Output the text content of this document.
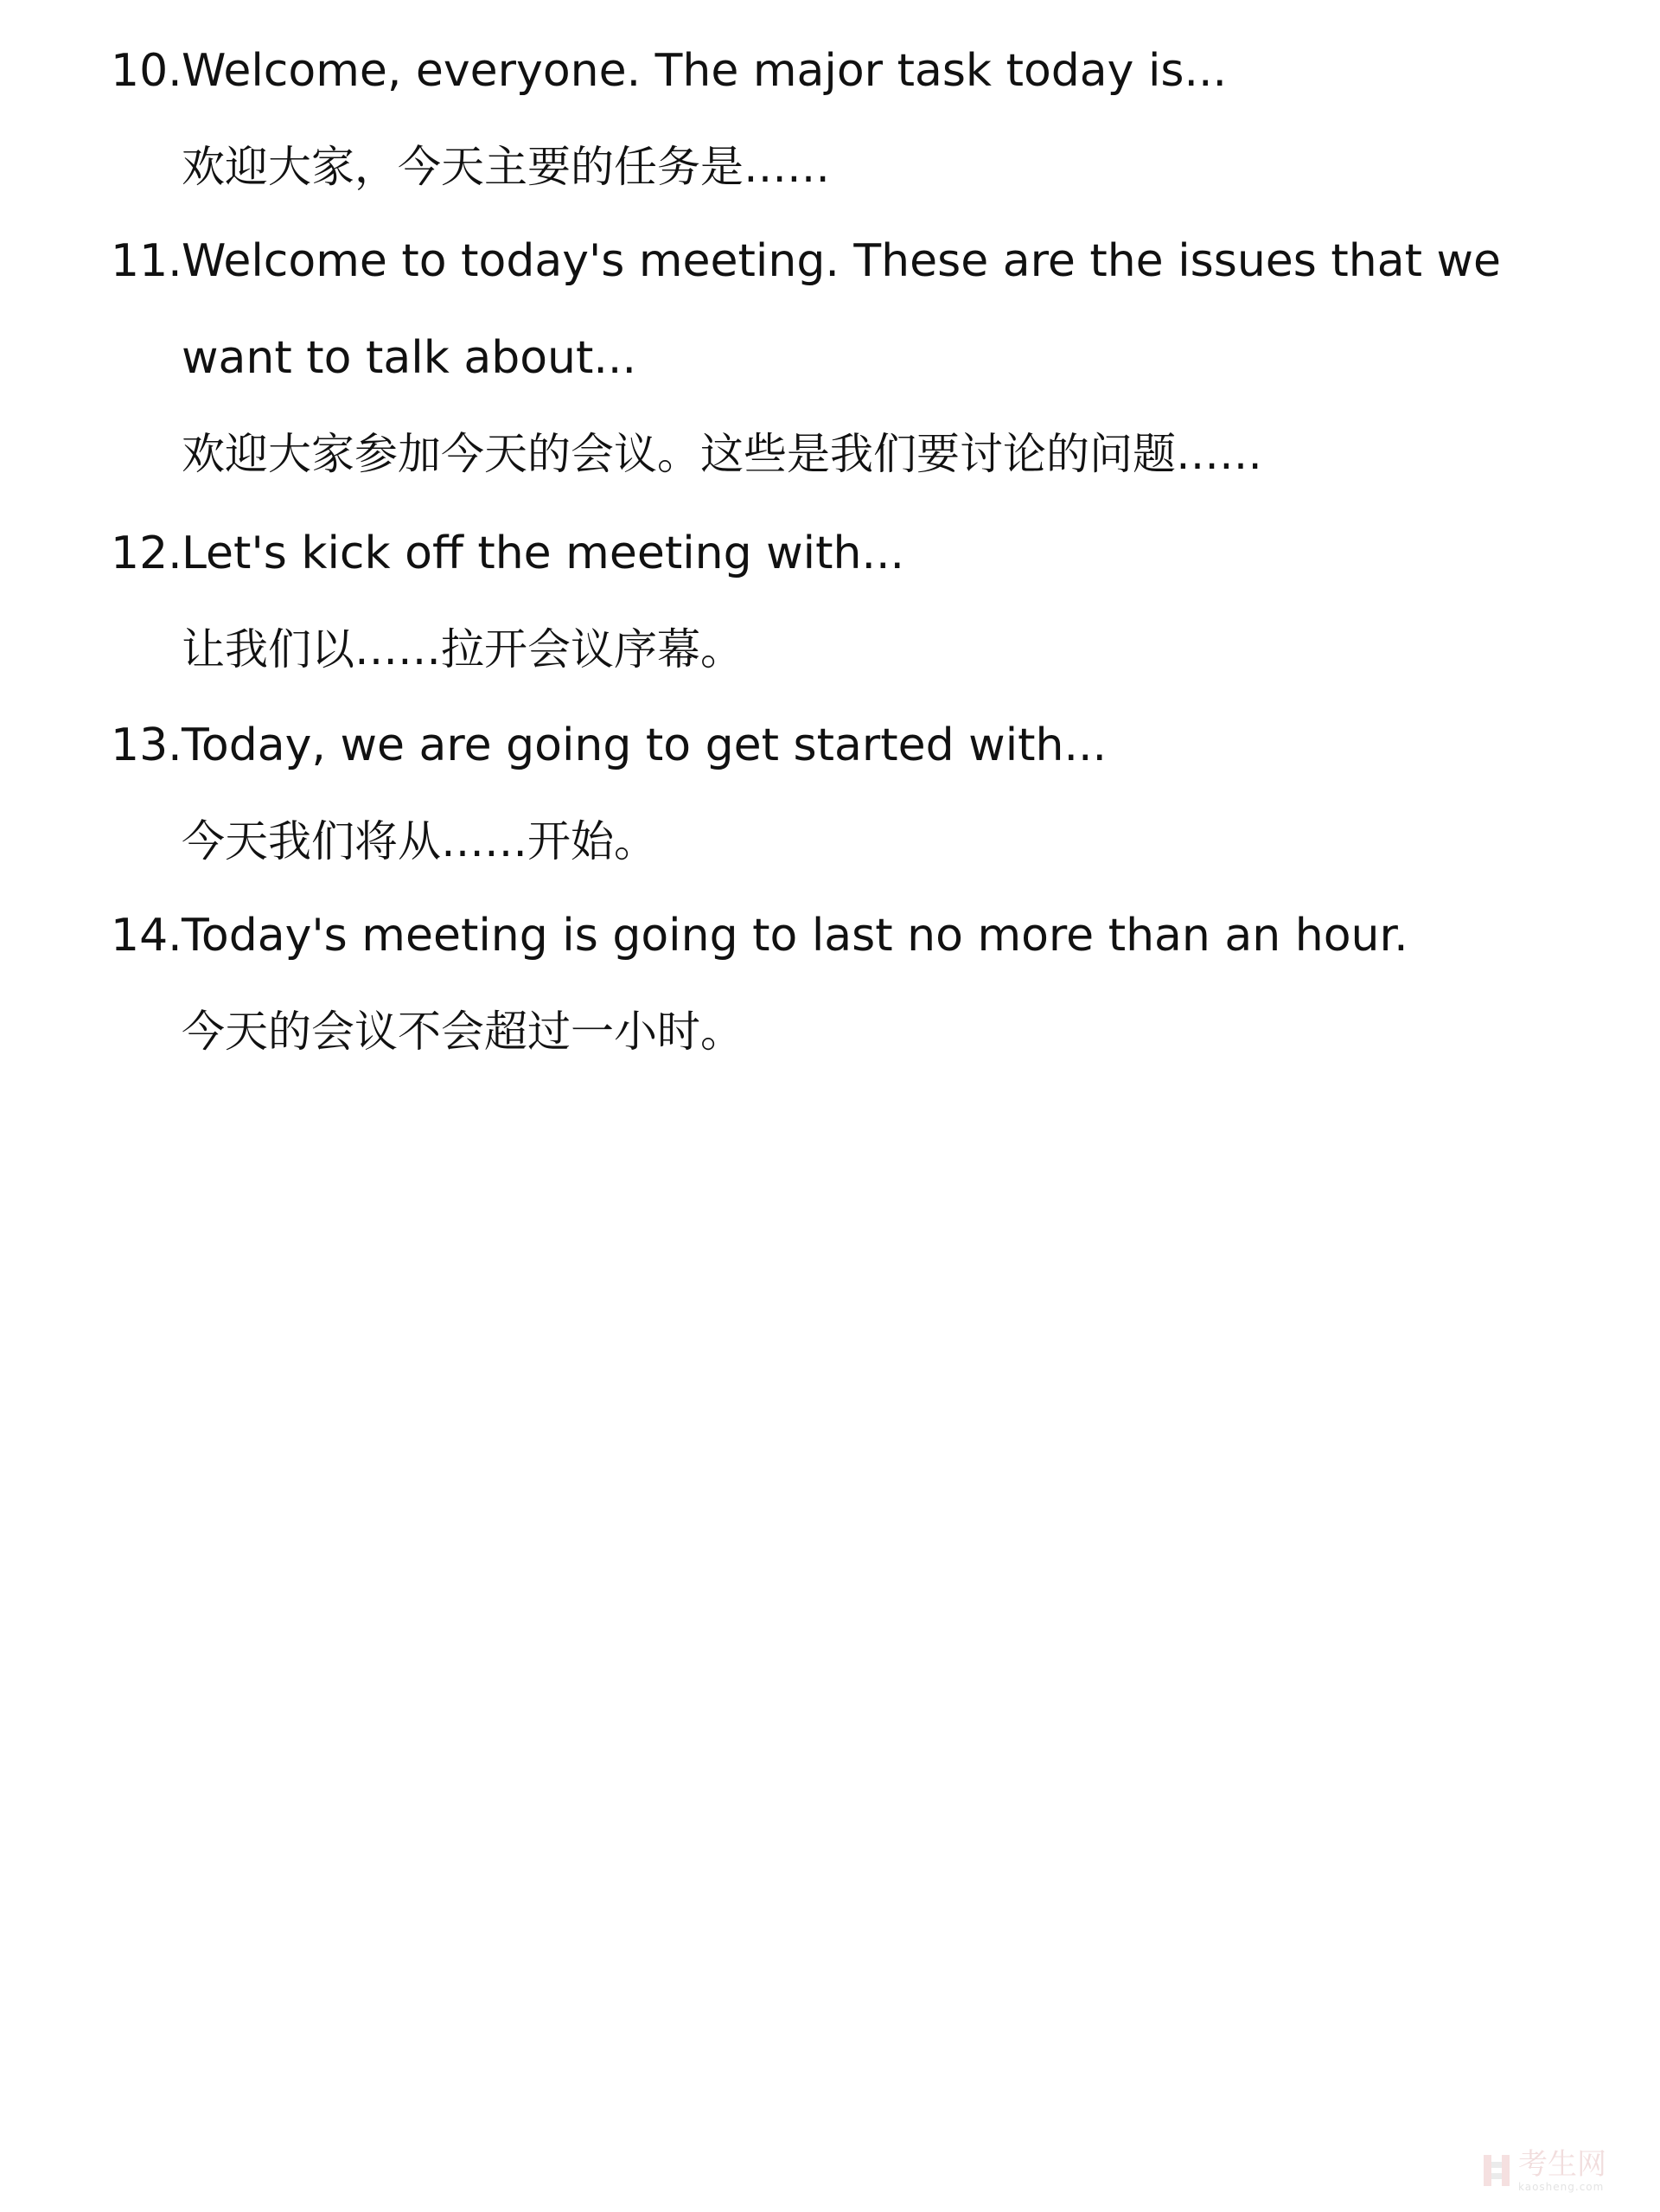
10. Welcome, everyone. The major task today is...
欢迎大家，今天主要的任务是……
11. Welcome to today's meeting. These are the issues that we
want to talk about...
欢迎大家参加今天的会议。这些是我们要讨论的问题……
12. Let's kick off the meeting with...
让我们以……拉开会议序幕。
13. Today, we are going to get started with...
今天我们将从……开始。
14. Today's meeting is going to last no more than an hour.
今天的会议不会超过一小时。
考生网
kaosheng.com
